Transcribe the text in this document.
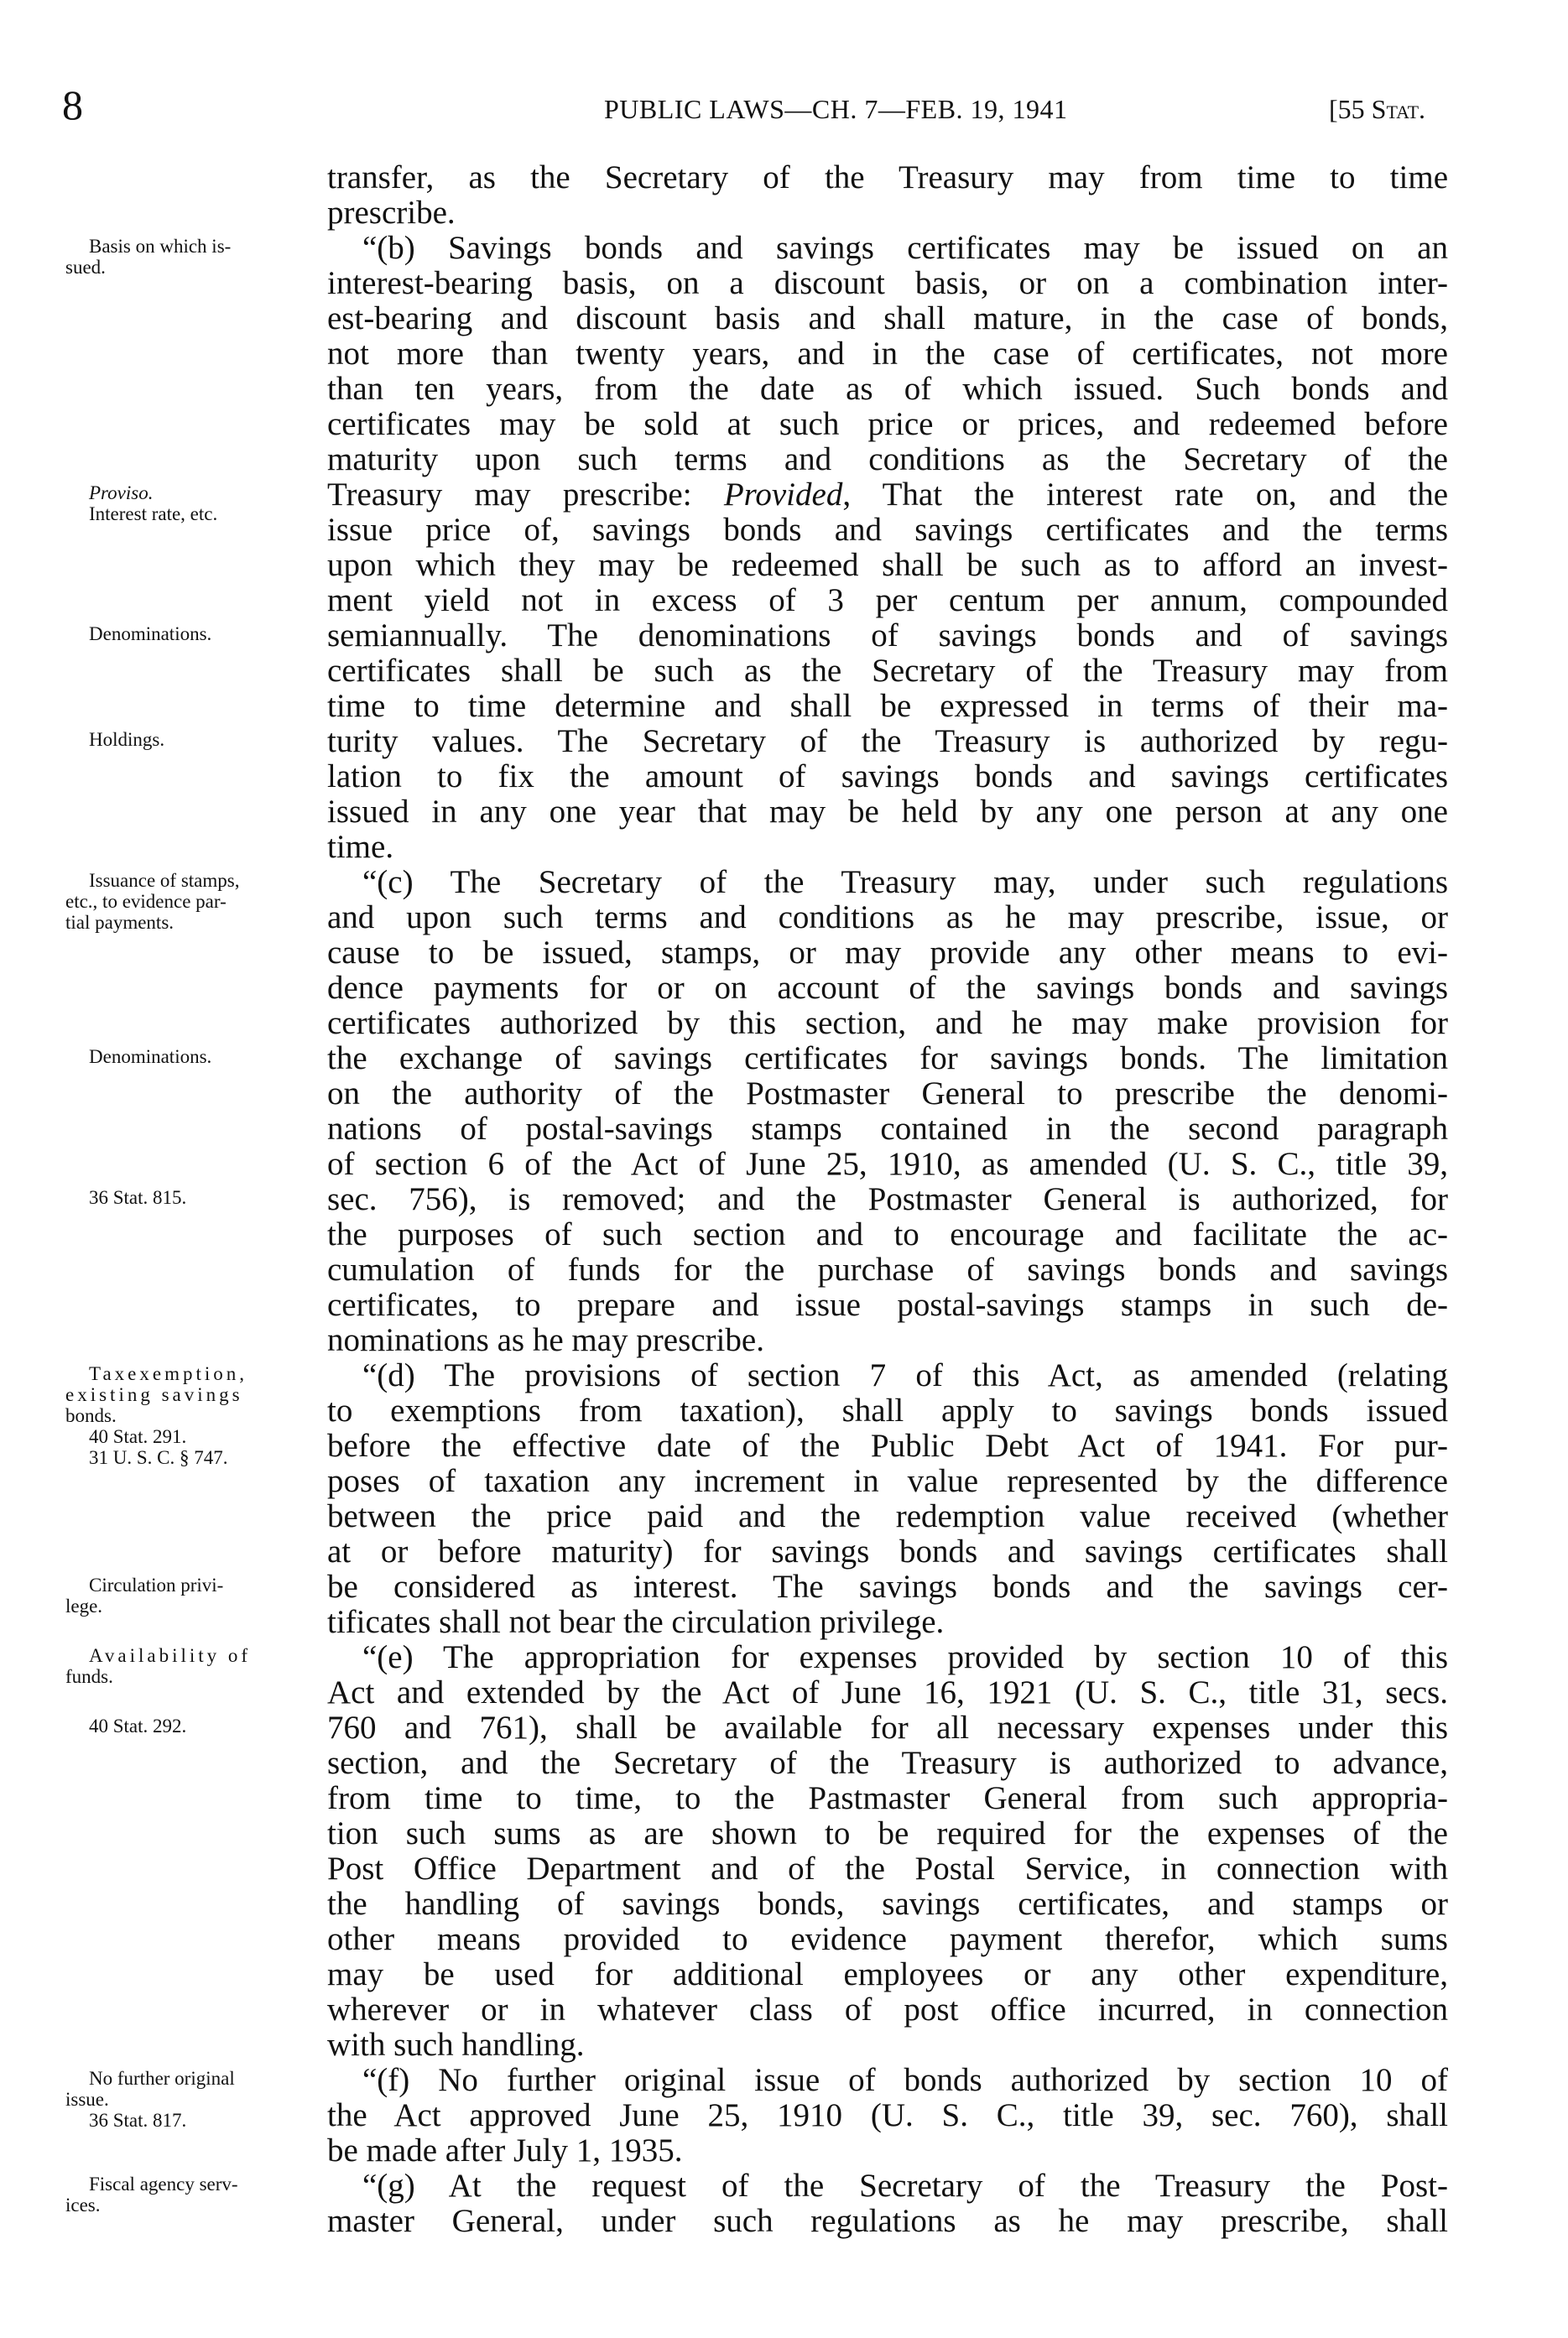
8	PUBLIC LAWS—CH. 7—FEB. 19, 1941	[55 Stat.
transfer, as the Secretary of the Treasury may from time to time
prescribe.
“(b) Savings bonds and savings certificates may be issued on an
interest-bearing basis, on a discount basis, or on a combination inter-
est-bearing and discount basis and shall mature, in the case of bonds,
not more than twenty years, and in the case of certificates, not more
than ten years, from the date as of which issued. Such bonds and
certificates may be sold at such price or prices, and redeemed before
maturity upon such terms and conditions as the Secretary of the
Treasury may prescribe: Provided, That the interest rate on, and the
issue price of, savings bonds and savings certificates and the terms
upon which they may be redeemed shall be such as to afford an invest-
ment yield not in excess of 3 per centum per annum, compounded
semiannually. The denominations of savings bonds and of savings
certificates shall be such as the Secretary of the Treasury may from
time to time determine and shall be expressed in terms of their ma-
turity values. The Secretary of the Treasury is authorized by regu-
lation to fix the amount of savings bonds and savings certificates
issued in any one year that may be held by any one person at any one
time.
“(c) The Secretary of the Treasury may, under such regulations
and upon such terms and conditions as he may prescribe, issue, or
cause to be issued, stamps, or may provide any other means to evi-
dence payments for or on account of the savings bonds and savings
certificates authorized by this section, and he may make provision for
the exchange of savings certificates for savings bonds. The limitation
on the authority of the Postmaster General to prescribe the denomi-
nations of postal-savings stamps contained in the second paragraph
of section 6 of the Act of June 25, 1910, as amended (U. S. C., title 39,
sec. 756), is removed; and the Postmaster General is authorized, for
the purposes of such section and to encourage and facilitate the ac-
cumulation of funds for the purchase of savings bonds and savings
certificates, to prepare and issue postal-savings stamps in such de-
nominations as he may prescribe.
“(d) The provisions of section 7 of this Act, as amended (relating
to exemptions from taxation), shall apply to savings bonds issued
before the effective date of the Public Debt Act of 1941. For pur-
poses of taxation any increment in value represented by the difference
between the price paid and the redemption value received (whether
at or before maturity) for savings bonds and savings certificates shall
be considered as interest. The savings bonds and the savings cer-
tificates shall not bear the circulation privilege.
“(e) The appropriation for expenses provided by section 10 of this
Act and extended by the Act of June 16, 1921 (U. S. C., title 31, secs.
760 and 761), shall be available for all necessary expenses under this
section, and the Secretary of the Treasury is authorized to advance,
from time to time, to the Pastmaster General from such appropria-
tion such sums as are shown to be required for the expenses of the
Post Office Department and of the Postal Service, in connection with
the handling of savings bonds, savings certificates, and stamps or
other means provided to evidence payment therefor, which sums
may be used for additional employees or any other expenditure,
wherever or in whatever class of post office incurred, in connection
with such handling.
“(f) No further original issue of bonds authorized by section 10 of
the Act approved June 25, 1910 (U. S. C., title 39, sec. 760), shall
be made after July 1, 1935.
“(g) At the request of the Secretary of the Treasury the Post-
master General, under such regulations as he may prescribe, shall
Basis on which is-
sued.
Proviso.
Interest rate, etc.
Denominations.
Holdings.
Issuance of stamps,
etc., to evidence par-
tial payments.
Denominations.
36 Stat. 815.
Taxexemption,
existing savings
bonds.
40 Stat. 291.
31 U. S. C. § 747.
Circulation privi-
lege.
Availability of
funds.
40 Stat. 292.
No further original
issue.
36 Stat. 817.
Fiscal agency serv-
ices.
